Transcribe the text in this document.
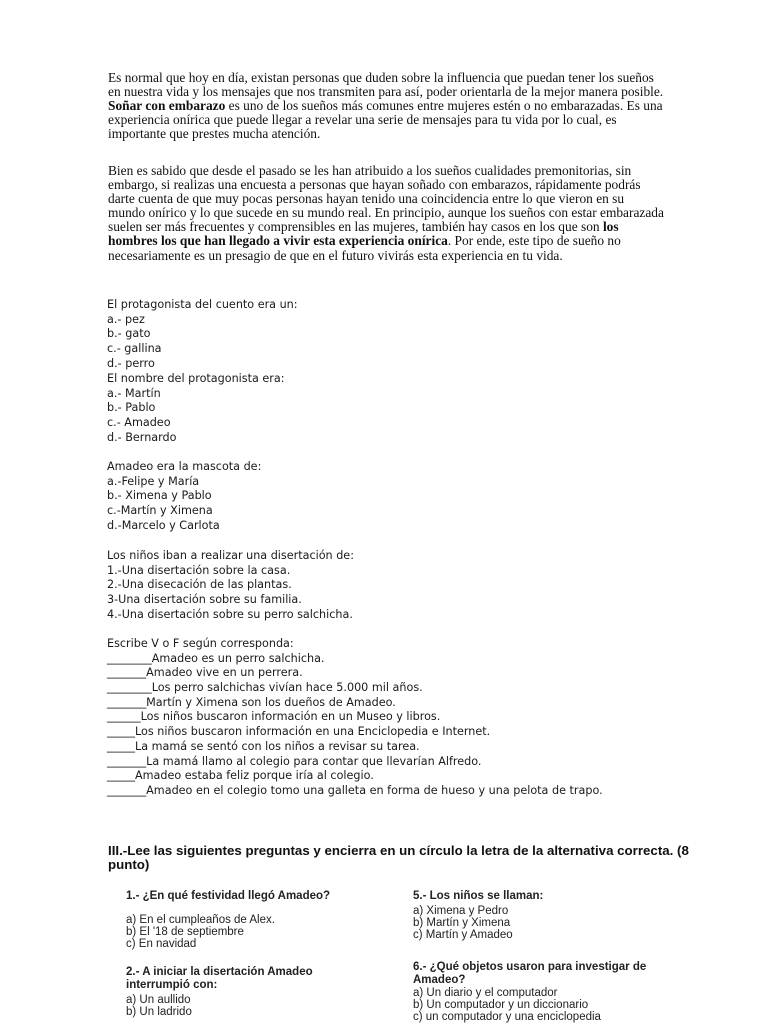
Es normal que hoy en día, existan personas que duden sobre la influencia que puedan tener los sueños en nuestra vida y los mensajes que nos transmiten para así, poder orientarla de la mejor manera posible. Soñar con embarazo es uno de los sueños más comunes entre mujeres estén o no embarazadas. Es una experiencia onírica que puede llegar a revelar una serie de mensajes para tu vida por lo cual, es importante que prestes mucha atención.
Bien es sabido que desde el pasado se les han atribuido a los sueños cualidades premonitorias, sin embargo, si realizas una encuesta a personas que hayan soñado con embarazos, rápidamente podrás darte cuenta de que muy pocas personas hayan tenido una coincidencia entre lo que vieron en su mundo onírico y lo que sucede en su mundo real. En principio, aunque los sueños con estar embarazada suelen ser más frecuentes y comprensibles en las mujeres, también hay casos en los que son los hombres los que han llegado a vivir esta experiencia onírica. Por ende, este tipo de sueño no necesariamente es un presagio de que en el futuro vivirás esta experiencia en tu vida.
El protagonista del cuento era un:
a.- pez
b.- gato
c.- gallina
d.- perro
El nombre del protagonista era:
a.- Martín
b.- Pablo
c.- Amadeo
d.- Bernardo
Amadeo era la mascota de:
a.-Felipe y María
b.- Ximena y Pablo
c.-Martín y Ximena
d.-Marcelo y Carlota
Los niños iban a realizar una disertación de:
1.-Una disertación sobre la casa.
2.-Una disecación de las plantas.
3-Una disertación sobre su familia.
4.-Una disertación sobre su perro salchicha.
Escribe V o F según corresponda:
________Amadeo es un perro salchicha.
_______Amadeo vive en un perrera.
________Los perro salchichas vivían hace 5.000 mil años.
_______Martín y Ximena son los dueños de Amadeo.
______Los niños buscaron información en un Museo y libros.
_____Los niños buscaron información en una Enciclopedia e Internet.
_____La mamá se sentó con los niños a revisar su tarea.
_______La mamá llamo al colegio para contar que llevarían Alfredo.
_____Amadeo estaba feliz porque iría al colegio.
_______Amadeo en el colegio tomo una galleta en forma de hueso y una pelota de trapo.
III.-Lee las siguientes preguntas y encierra en un círculo la letra de la alternativa correcta. (8 punto)
1.- ¿En qué festividad llegó Amadeo?
a) En el cumpleaños de Alex.
b) El '18 de septiembre
c) En navidad
2.- A iniciar la disertación Amadeo interrumpió con:
a) Un aullido
b) Un ladrido
5.- Los niños se llaman:
a) Ximena y Pedro
b) Martín y Ximena
c) Martín y Amadeo
6.- ¿Qué objetos usaron para investigar de Amadeo?
a) Un diario y el computador
b) Un computador y un diccionario
c) un computador y una enciclopedia
